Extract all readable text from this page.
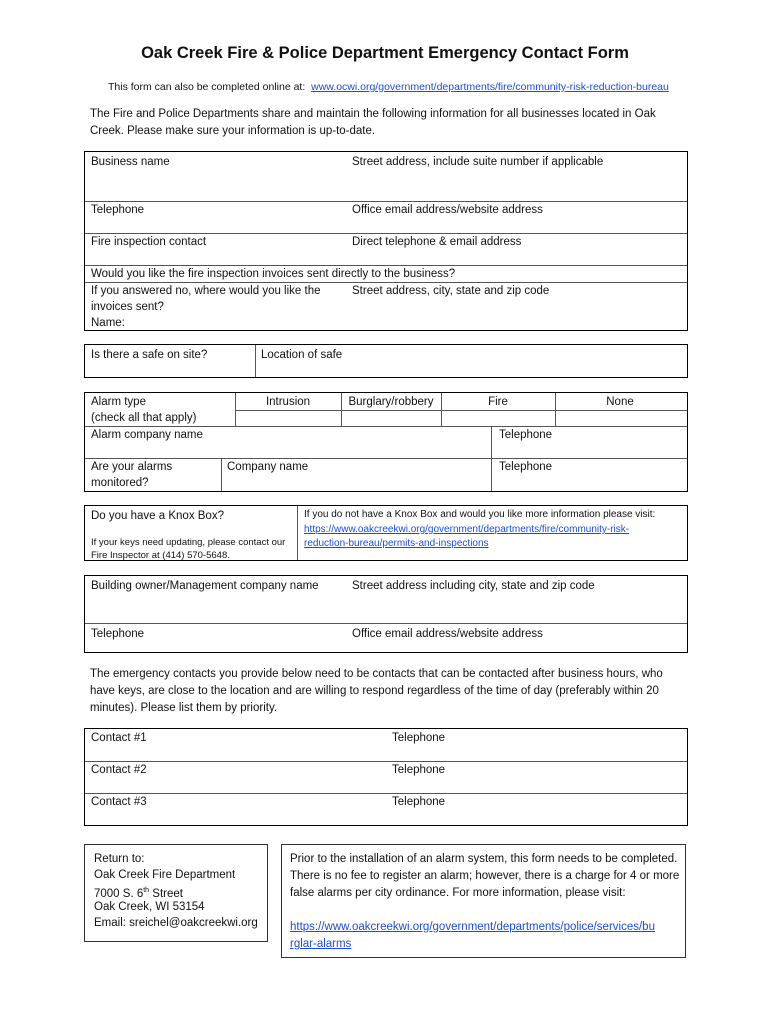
Oak Creek Fire & Police Department Emergency Contact Form
This form can also be completed online at: www.ocwi.org/government/departments/fire/community-risk-reduction-bureau
The Fire and Police Departments share and maintain the following information for all businesses located in Oak Creek. Please make sure your information is up-to-date.
Business name	Street address, include suite number if applicable
Telephone	Office email address/website address
Fire inspection contact	Direct telephone & email address
Would you like the fire inspection invoices sent directly to the business?
If you answered no, where would you like the
invoices sent?
Name:
Street address, city, state and zip code
Is there a safe on site?	Location of safe
Alarm type
(check all that apply)
Intrusion	Burglary/robbery	Fire	None
Alarm company name	Telephone
Are your alarms
monitored?
Company name	Telephone
Do you have a Knox Box?
If your keys need updating, please contact our
Fire Inspector at (414) 570-5648.
If you do not have a Knox Box and would you like more information please visit:
https://www.oakcreekwi.org/government/departments/fire/community-risk-
reduction-bureau/permits-and-inspections
Building owner/Management company name	Street address including city, state and zip code
Telephone	Office email address/website address
The emergency contacts you provide below need to be contacts that can be contacted after business hours, who have keys, are close to the location and are willing to respond regardless of the time of day (preferably within 20 minutes). Please list them by priority.
Contact #1	Telephone
Contact #2	Telephone
Contact #3	Telephone
Return to:
Oak Creek Fire Department
7000 S. 6th Street
Oak Creek, WI 53154
Email: sreichel@oakcreekwi.org
Prior to the installation of an alarm system, this form needs to be completed. There is no fee to register an alarm; however, there is a charge for 4 or more false alarms per city ordinance. For more information, please visit:
https://www.oakcreekwi.org/government/departments/police/services/bu
rglar-alarms
